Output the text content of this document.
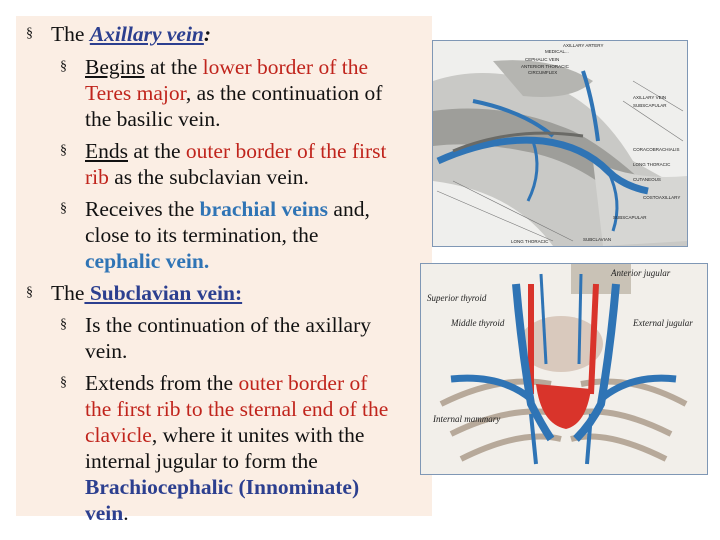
§ The Axillary vein:
§ Begins at the lower border of the
Teres major, as the continuation of
the basilic vein.
§ Ends at the outer border of the first
rib as the subclavian vein.
§ Receives the brachial veins and,
close to its termination, the
cephalic vein.
§ The Subclavian vein:
§ Is the continuation of the axillary
vein.
§ Extends from the outer border of
the first rib to the sternal end of the
clavicle, where it unites with the
internal jugular to form the
Brachiocephalic (Innominate)
vein.
AXILLARY ARTERY
MEDICAL...
CEPHALIC VEIN
ANTERIOR THORACIC
CIRCUMFLEX
AXILLARY VEIN
SUBSCAPULAR
CORACOBRACHIALIS
LONG THORACIC
CUTANEOUS
COSTOAXILLARY
SUBSCAPULAR
LONG THORACIC	SUBCLAVIAN
Anterior jugular
Superior thyroid
Middle thyroid	External jugular
Internal mammary
